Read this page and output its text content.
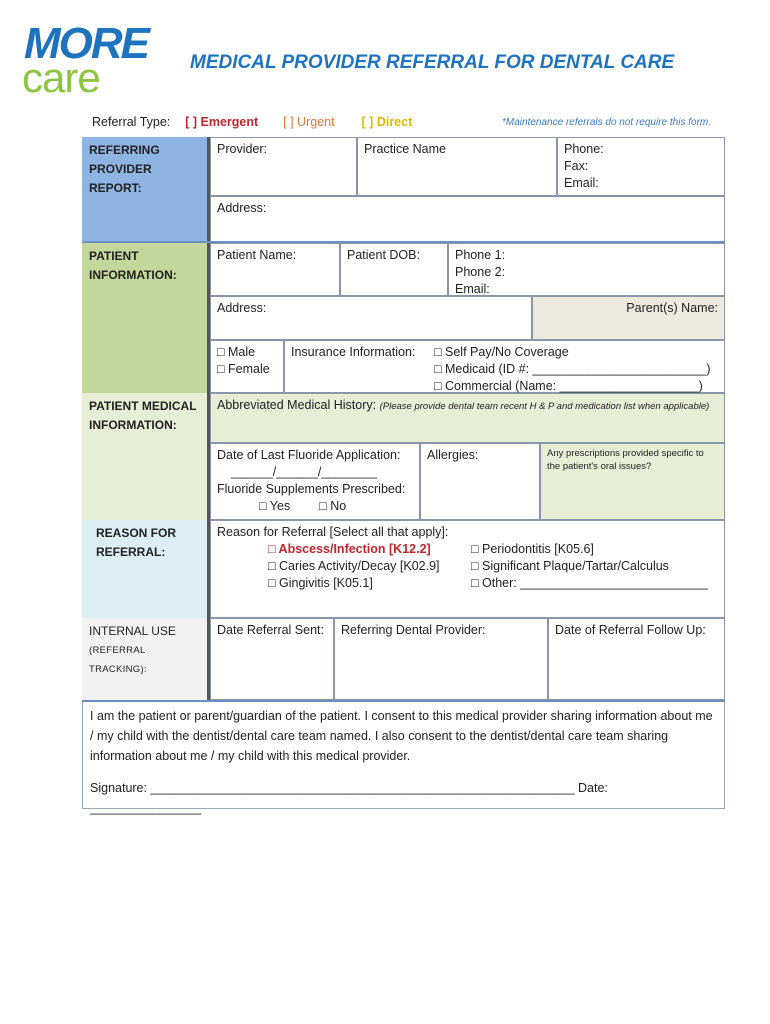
MORE
care	MEDICAL PROVIDER REFERRAL FOR DENTAL CARE
Referral Type: [ ] Emergent [ ] Urgent [ ] Direct	*Maintenance referrals do not require this form.
REFERRING PROVIDER REPORT:
Provider:	Practice Name	Phone:
Fax:
Email:
Address:
PATIENT INFORMATION:
Patient Name:	Patient DOB:	Phone 1:
Phone 2:
Email:
Address:	Parent(s) Name:
□ Male
□ Female
Insurance Information: □ Self Pay/No Coverage
□ Medicaid (ID #: _________________________)
□ Commercial (Name: ____________________)
PATIENT MEDICAL INFORMATION:
Abbreviated Medical History: (Please provide dental team recent H & P and medication list when applicable)
Date of Last Fluoride Application:
______/______/________
Fluoride Supplements Prescribed:
□ Yes □ No
Allergies:	Any prescriptions provided specific to the patient's oral issues?
REASON FOR REFERRAL:
Reason for Referral [Select all that apply]:
□ Abscess/Infection [K12.2]
□ Caries Activity/Decay [K02.9]
□ Gingivitis [K05.1]
□ Periodontitis [K05.6]
□ Significant Plaque/Tartar/Calculus
□ Other: ___________________________
INTERNAL USE
(REFERRAL TRACKING):
Date Referral Sent:	Referring Dental Provider:	Date of Referral Follow Up:
I am the patient or parent/guardian of the patient. I consent to this medical provider sharing information about me / my child with the dentist/dental care team named. I also consent to the dentist/dental care team sharing information about me / my child with this medical provider.
Signature: _____________________________________________________________ Date: ________________
